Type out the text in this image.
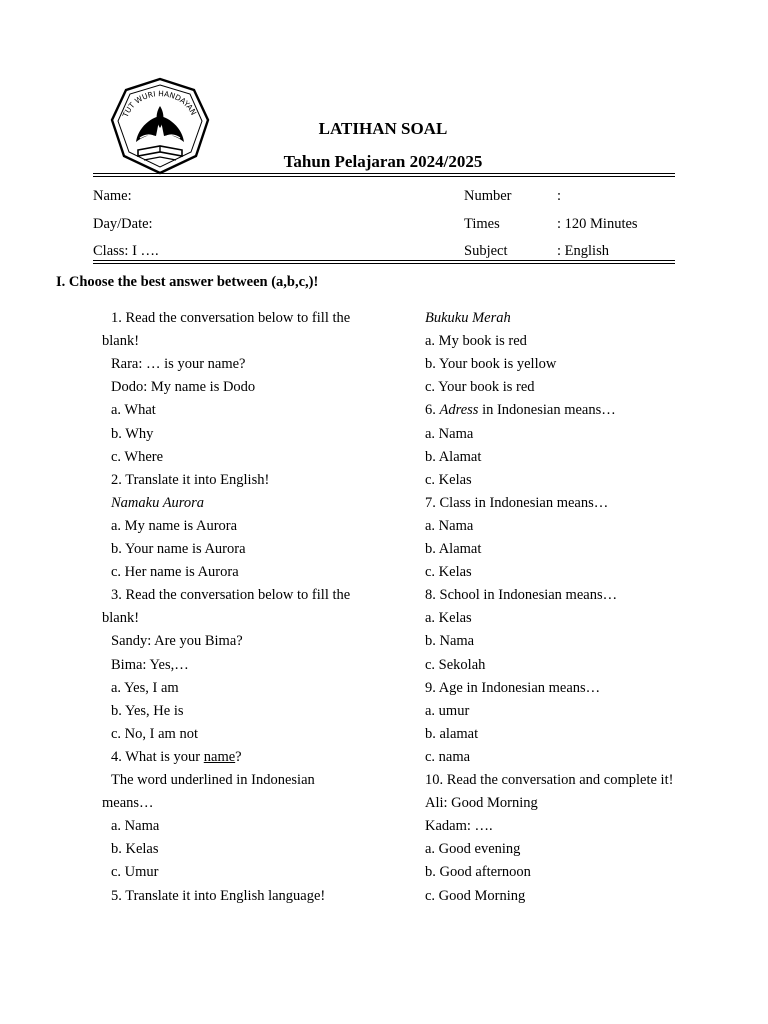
TUT WURI HANDAYAN
LATIHAN SOAL
Tahun Pelajaran 2024/2025
Name:
Day/Date:
Class: I ….
Number	:
Times	: 120 Minutes
Subject	: English
I. Choose the best answer between (a,b,c,)!
1. Read the conversation below to fill the
blank!
Rara: … is your name?
Dodo: My name is Dodo
a. What
b. Why
c. Where
2. Translate it into English!
Namaku Aurora
a. My name is Aurora
b. Your name is Aurora
c. Her name is Aurora
3. Read the conversation below to fill the
blank!
Sandy: Are you Bima?
Bima: Yes,…
a. Yes, I am
b. Yes, He is
c. No, I am not
4. What is your name?
The word underlined in Indonesian
means…
a. Nama
b. Kelas
c. Umur
5. Translate it into English language!
Bukuku Merah
a. My book is red
b. Your book is yellow
c. Your book is red
6. Adress in Indonesian means…
a. Nama
b. Alamat
c. Kelas
7. Class in Indonesian means…
a. Nama
b. Alamat
c. Kelas
8. School in Indonesian means…
a. Kelas
b. Nama
c. Sekolah
9. Age in Indonesian means…
a. umur
b. alamat
c. nama
10. Read the conversation and complete it!
Ali: Good Morning
Kadam: ….
a. Good evening
b. Good afternoon
c. Good Morning
